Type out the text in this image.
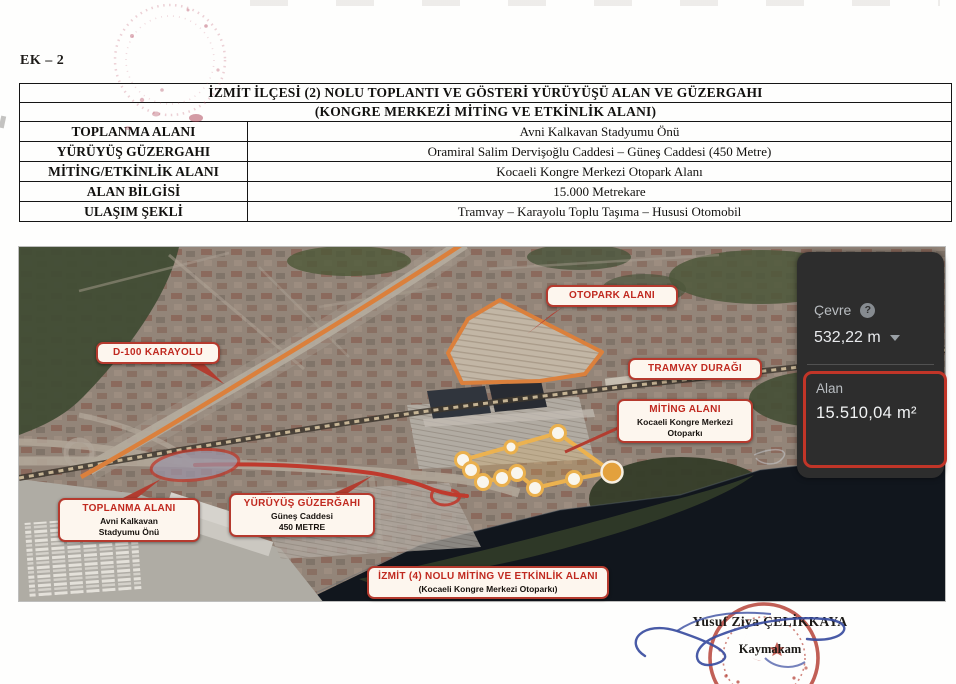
EK – 2
İZMİT İLÇESİ (2) NOLU TOPLANTI VE GÖSTERİ YÜRÜYÜŞÜ ALAN VE GÜZERGAHI	
(KONGRE MERKEZİ MİTİNG VE ETKİNLİK ALANI)	
TOPLANMA ALANI	Avni Kalkavan Stadyumu Önü
YÜRÜYÜŞ GÜZERGAHI	Oramiral Salim Dervişoğlu Caddesi – Güneş Caddesi (450 Metre)
MİTİNG/ETKİNLİK ALANI	Kocaeli Kongre Merkezi Otopark Alanı
ALAN BİLGİSİ	15.000 Metrekare
ULAŞIM ŞEKLİ	Tramvay – Karayolu Toplu Taşıma – Hususi Otomobil
OTOPARK ALANI
D-100 KARAYOLU
TRAMVAY DURAĞI
MİTİNG ALANI
Kocaeli Kongre Merkezi
Otoparkı
TOPLANMA ALANI
Avni Kalkavan
Stadyumu Önü
YÜRÜYÜŞ GÜZERĞAHI
Güneş Caddesi
450 METRE
İZMİT (4) NOLU MİTİNG VE ETKİNLİK ALANI
(Kocaeli Kongre Merkezi Otoparkı)
Çevre	?
532,22 m
Alan
15.510,04 m²
Yusuf Ziya ÇELİKKAYA
Kaymakam
